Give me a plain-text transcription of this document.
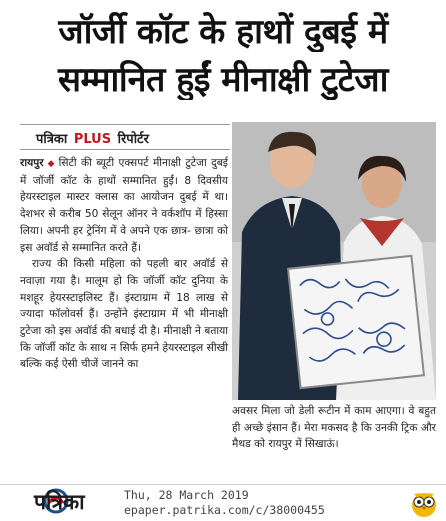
जॉर्जी कॉट के हाथों दुबई में
सम्मानित हुईं मीनाक्षी टुटेजा
पत्रिका PLUS रिपोर्टर

रायपुर ◆ सिटी की ब्यूटी एक्सपर्ट मीनाक्षी टुटेजा दुबई में जॉर्जी कॉट के हाथों सम्मानित हुईं। 8 दिवसीय हेयरस्टाइल मास्टर क्लास का आयोजन दुबई में था। देशभर से करीब 50 सेलून ऑनर ने वर्कशॉप में हिस्सा लिया। अपनी हर ट्रेनिंग में वे अपने एक छात्र- छात्रा को इस अवॉर्ड से सम्मानित करते हैं।

राज्य की किसी महिला को पहली बार अवॉर्ड से नवाज़ा गया है। मालूम हो कि जॉर्जी कॉट दुनिया के मशहूर हेयरस्टाइलिस्ट हैं। इंस्टाग्राम में 18 लाख से ज्यादा फॉलोवर्स हैं। उन्होंने इंस्टाग्राम में भी मीनाक्षी टुटेजा को इस अवॉर्ड की बधाई दी है। मीनाक्षी ने बताया कि जॉर्जी कॉट के साथ न सिर्फ हमने हेयरस्टाइल सीखी बल्कि कई ऐसी चीजें जानने का

अवसर मिला जो डेली रूटीन में काम आएगा। वे बहुत ही अच्छे इंसान हैं। मेरा मकसद है कि उनकी ट्रिक और मैथड को रायपुर में सिखाऊं।

पत्रिका	Thu, 28 March 2019
epaper.patrika.com/c/38000455
